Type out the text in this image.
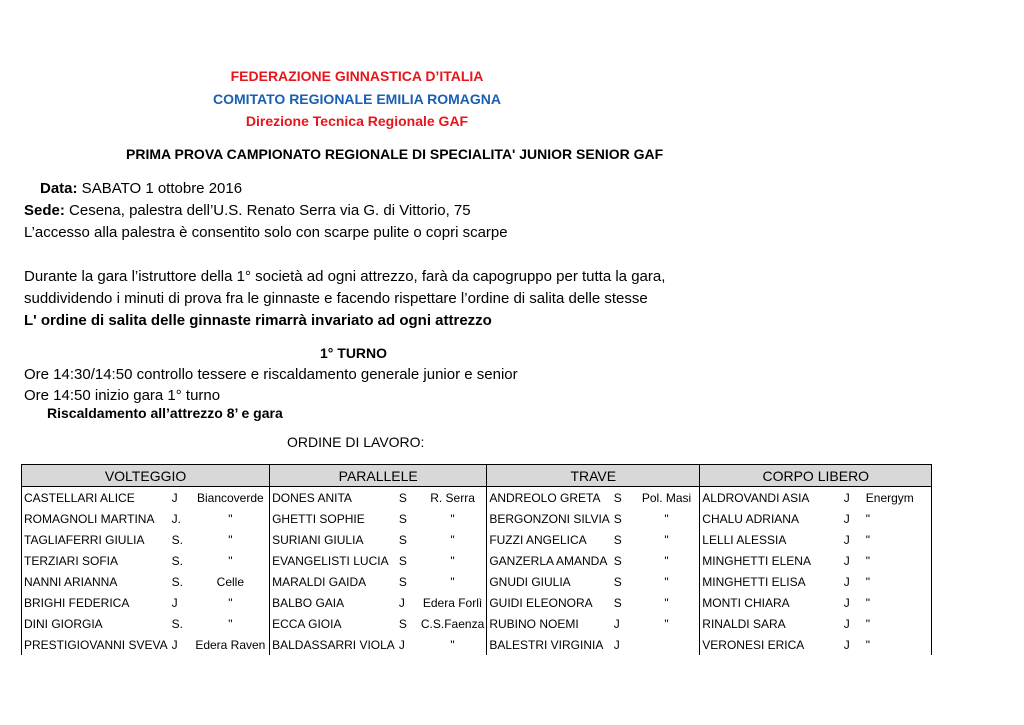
FEDERAZIONE GINNASTICA D’ITALIA
COMITATO REGIONALE EMILIA ROMAGNA
Direzione Tecnica Regionale GAF
PRIMA PROVA CAMPIONATO REGIONALE DI SPECIALITA' JUNIOR SENIOR GAF
Data: SABATO 1 ottobre 2016
Sede: Cesena, palestra dell’U.S. Renato Serra via G. di Vittorio, 75
L’accesso alla palestra è consentito solo con scarpe pulite o copri scarpe
Durante la gara l’istruttore della 1° società ad ogni attrezzo, farà da capogruppo per tutta la gara,
suddividendo i minuti di prova fra le ginnaste e facendo rispettare l’ordine di salita delle stesse
L' ordine di salita delle ginnaste rimarrà invariato ad ogni attrezzo
1° TURNO
Ore 14:30/14:50 controllo tessere e riscaldamento generale junior e senior
Ore 14:50 inizio gara 1° turno
Riscaldamento all’attrezzo 8’ e gara
ORDINE DI LAVORO:
VOLTEGGIO			PARALLELE			TRAVE			CORPO LIBERO		
CASTELLARI ALICE	J	Biancoverde	DONES ANITA	S	R. Serra	ANDREOLO GRETA	S	Pol. Masi	ALDROVANDI ASIA	J	Energym
ROMAGNOLI MARTINA	J.	"	GHETTI SOPHIE	S	"	BERGONZONI SILVIA	S	"	CHALU ADRIANA	J	"
TAGLIAFERRI GIULIA	S.	"	SURIANI GIULIA	S	"	FUZZI ANGELICA	S	"	LELLI ALESSIA	J	"
TERZIARI SOFIA	S.	"	EVANGELISTI LUCIA	S	"	GANZERLA AMANDA	S	"	MINGHETTI ELENA	J	"
NANNI ARIANNA	S.	Celle	MARALDI GAIDA	S	"	GNUDI GIULIA	S	"	MINGHETTI ELISA	J	"
BRIGHI FEDERICA	J	"	BALBO GAIA	J	Edera Forlì	GUIDI ELEONORA	S	"	MONTI CHIARA	J	"
DINI GIORGIA	S.	"	ECCA GIOIA	S	C.S.Faenza	RUBINO NOEMI	J	"	RINALDI SARA	J	"
PRESTIGIOVANNI SVEVA	J	Edera Raven	BALDASSARRI VIOLA	J	"	BALESTRI VIRGINIA	J		VERONESI ERICA	J	"
